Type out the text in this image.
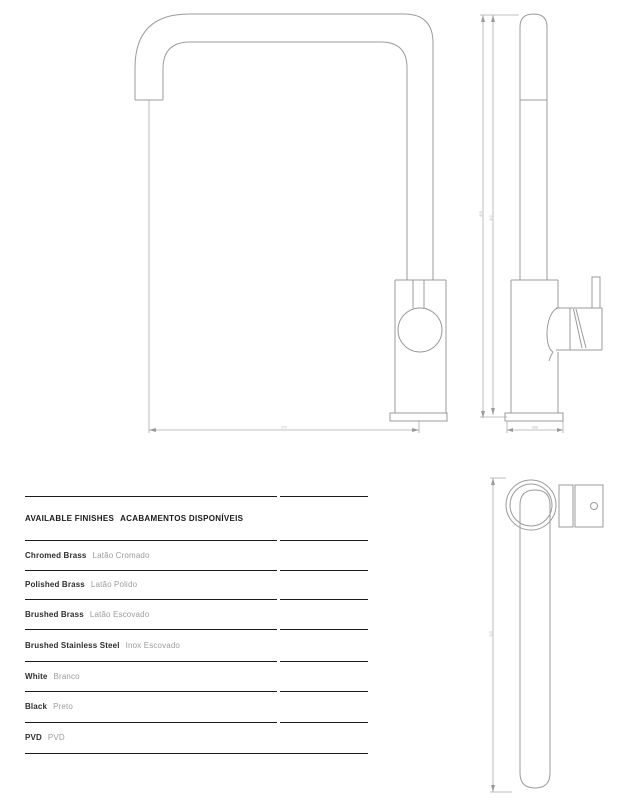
270
405
400
ø58
315
AVAILABLE FINISHES ACABAMENTOS DISPONÍVEIS
Chromed Brass Latão Cromado
Polished Brass Latão Polido
Brushed Brass Latão Escovado
Brushed Stainless Steel Inox Escovado
White Branco
Black Preto
PVD PVD
